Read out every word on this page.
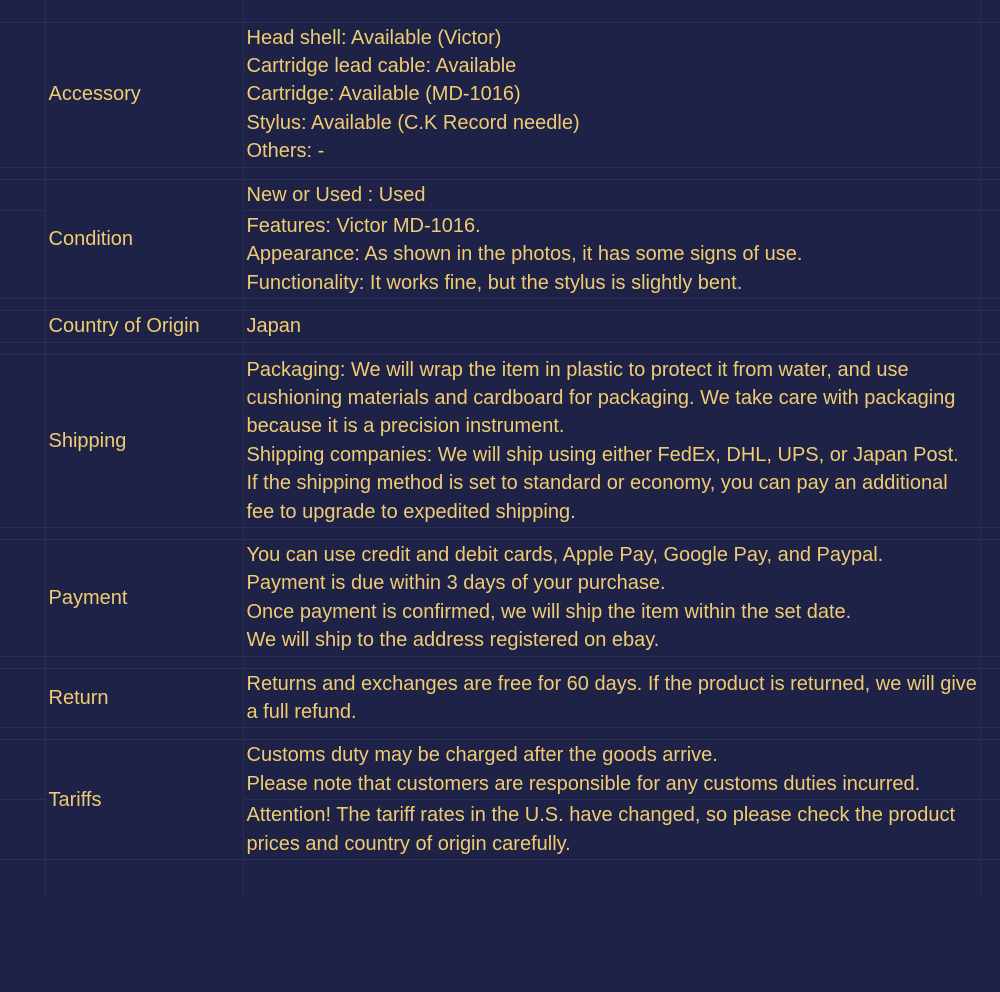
	Accessory	Head shell: Available (Victor)
Cartridge lead cable: Available
Cartridge: Available (MD-1016)
Stylus: Available (C.K Record needle)
Others: -	

	Condition	New or Used : Used	

		Features: Victor MD-1016.
Appearance: As shown in the photos, it has some signs of use.
Functionality: It works fine, but the stylus is slightly bent.	

	Country of Origin	Japan	

	Shipping	Packaging: We will wrap the item in plastic to protect it from water, and use cushioning materials and cardboard for packaging. We take care with packaging because it is a precision instrument.
Shipping companies: We will ship using either FedEx, DHL, UPS, or Japan Post.
If the shipping method is set to standard or economy, you can pay an additional fee to upgrade to expedited shipping.	

	Payment	You can use credit and debit cards, Apple Pay, Google Pay, and Paypal.
Payment is due within 3 days of your purchase.
Once payment is confirmed, we will ship the item within the set date.
We will ship to the address registered on ebay.	

	Return	Returns and exchanges are free for 60 days. If the product is returned, we will give a full refund.	

	Tariffs	Customs duty may be charged after the goods arrive.
Please note that customers are responsible for any customs duties incurred.	

		Attention! The tariff rates in the U.S. have changed, so please check the product prices and country of origin carefully.	
